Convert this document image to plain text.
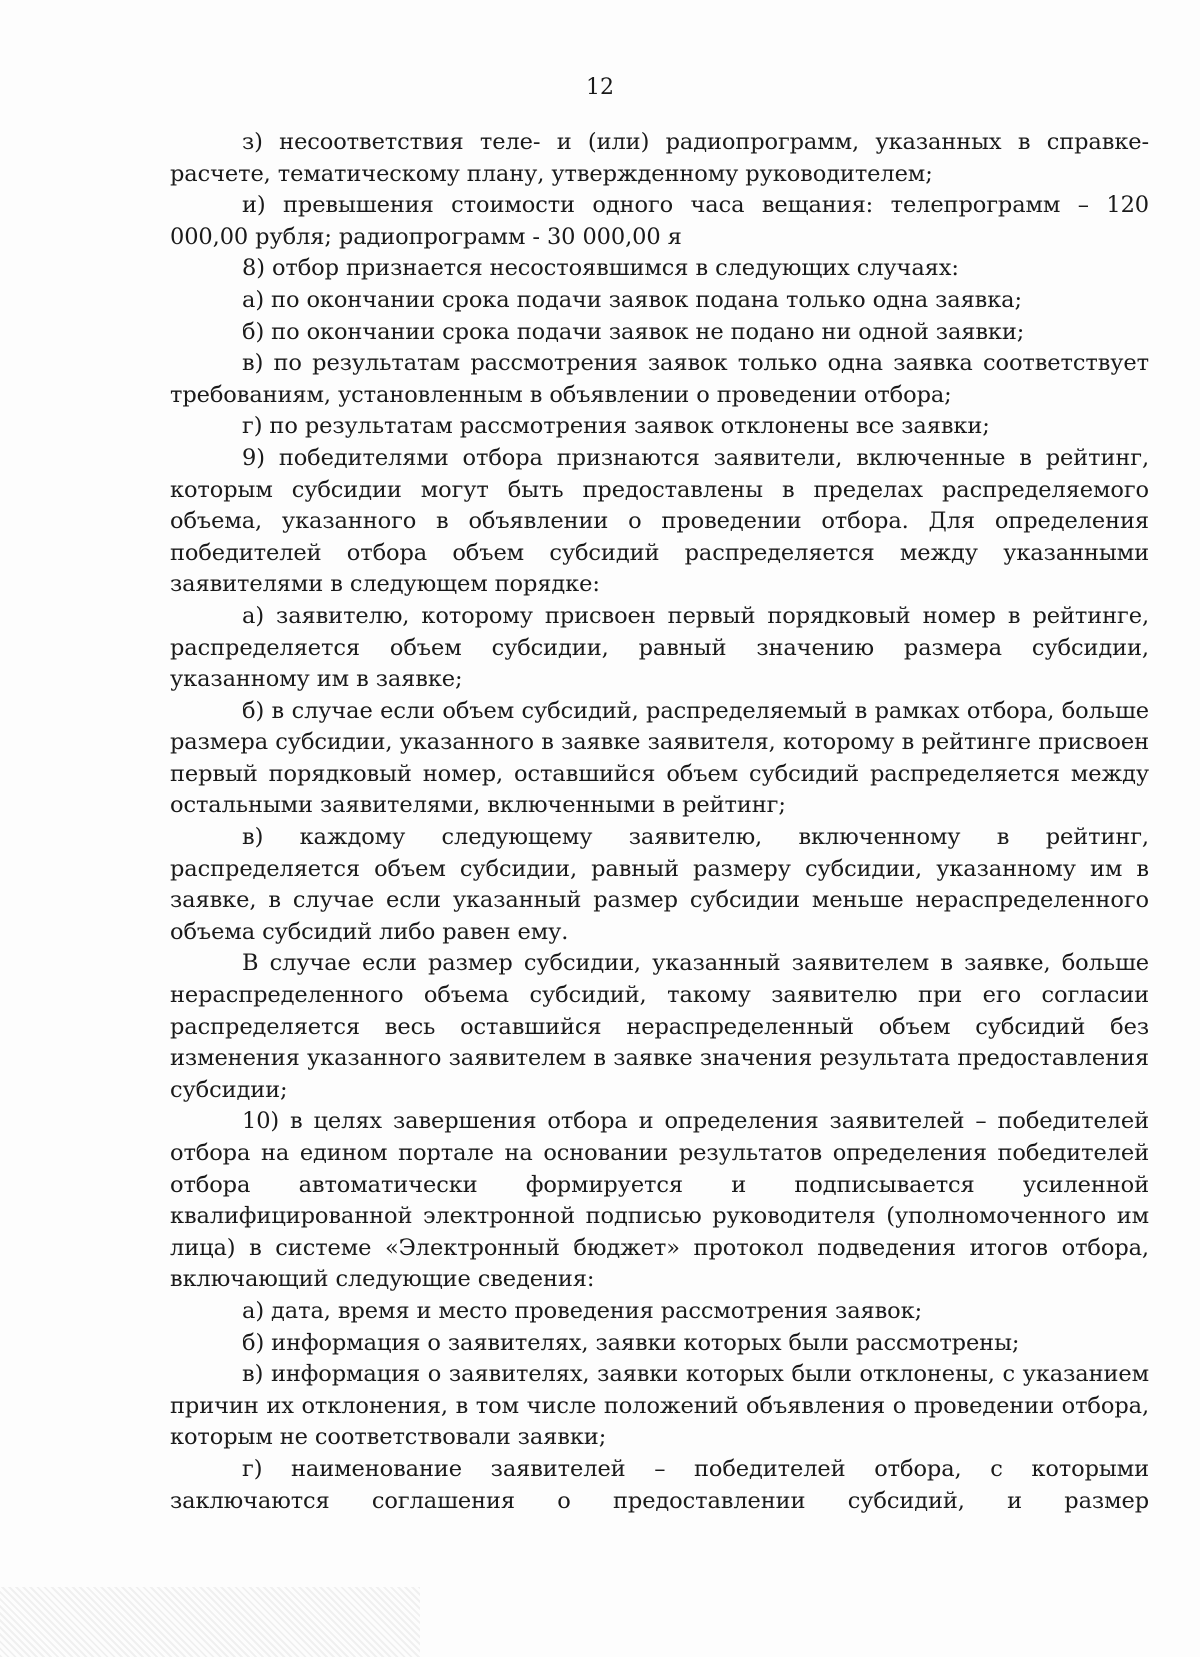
12

з) несоответствия теле- и (или) радиопрограмм, указанных в справке-расчете, тематическому плану, утвержденному руководителем;

и) превышения стоимости одного часа вещания: телепрограмм – 120 000,00 рубля; радиопрограмм - 30 000,00 я

8) отбор признается несостоявшимся в следующих случаях:

а) по окончании срока подачи заявок подана только одна заявка;

б) по окончании срока подачи заявок не подано ни одной заявки;

в) по результатам рассмотрения заявок только одна заявка соответствует требованиям, установленным в объявлении о проведении отбора;

г) по результатам рассмотрения заявок отклонены все заявки;

9) победителями отбора признаются заявители, включенные в рейтинг, которым субсидии могут быть предоставлены в пределах распределяемого объема, указанного в объявлении о проведении отбора. Для определения победителей отбора объем субсидий распределяется между указанными заявителями в следующем порядке:

а) заявителю, которому присвоен первый порядковый номер в рейтинге, распределяется объем субсидии, равный значению размера субсидии, указанному им в заявке;

б) в случае если объем субсидий, распределяемый в рамках отбора, больше размера субсидии, указанного в заявке заявителя, которому в рейтинге присвоен первый порядковый номер, оставшийся объем субсидий распределяется между остальными заявителями, включенными в рейтинг;

в) каждому следующему заявителю, включенному в рейтинг, распределяется объем субсидии, равный размеру субсидии, указанному им в заявке, в случае если указанный размер субсидии меньше нераспределенного объема субсидий либо равен ему.

В случае если размер субсидии, указанный заявителем в заявке, больше нераспределенного объема субсидий, такому заявителю при его согласии распределяется весь оставшийся нераспределенный объем субсидий без изменения указанного заявителем в заявке значения результата предоставления субсидии;

10) в целях завершения отбора и определения заявителей – победителей отбора на едином портале на основании результатов определения победителей отбора автоматически формируется и подписывается усиленной квалифицированной электронной подписью руководителя (уполномоченного им лица) в системе «Электронный бюджет» протокол подведения итогов отбора, включающий следующие сведения:

а) дата, время и место проведения рассмотрения заявок;

б) информация о заявителях, заявки которых были рассмотрены;

в) информация о заявителях, заявки которых были отклонены, с указанием причин их отклонения, в том числе положений объявления о проведении отбора, которым не соответствовали заявки;

г) наименование заявителей – победителей отбора, с которыми заключаются соглашения о предоставлении субсидий, и размер
